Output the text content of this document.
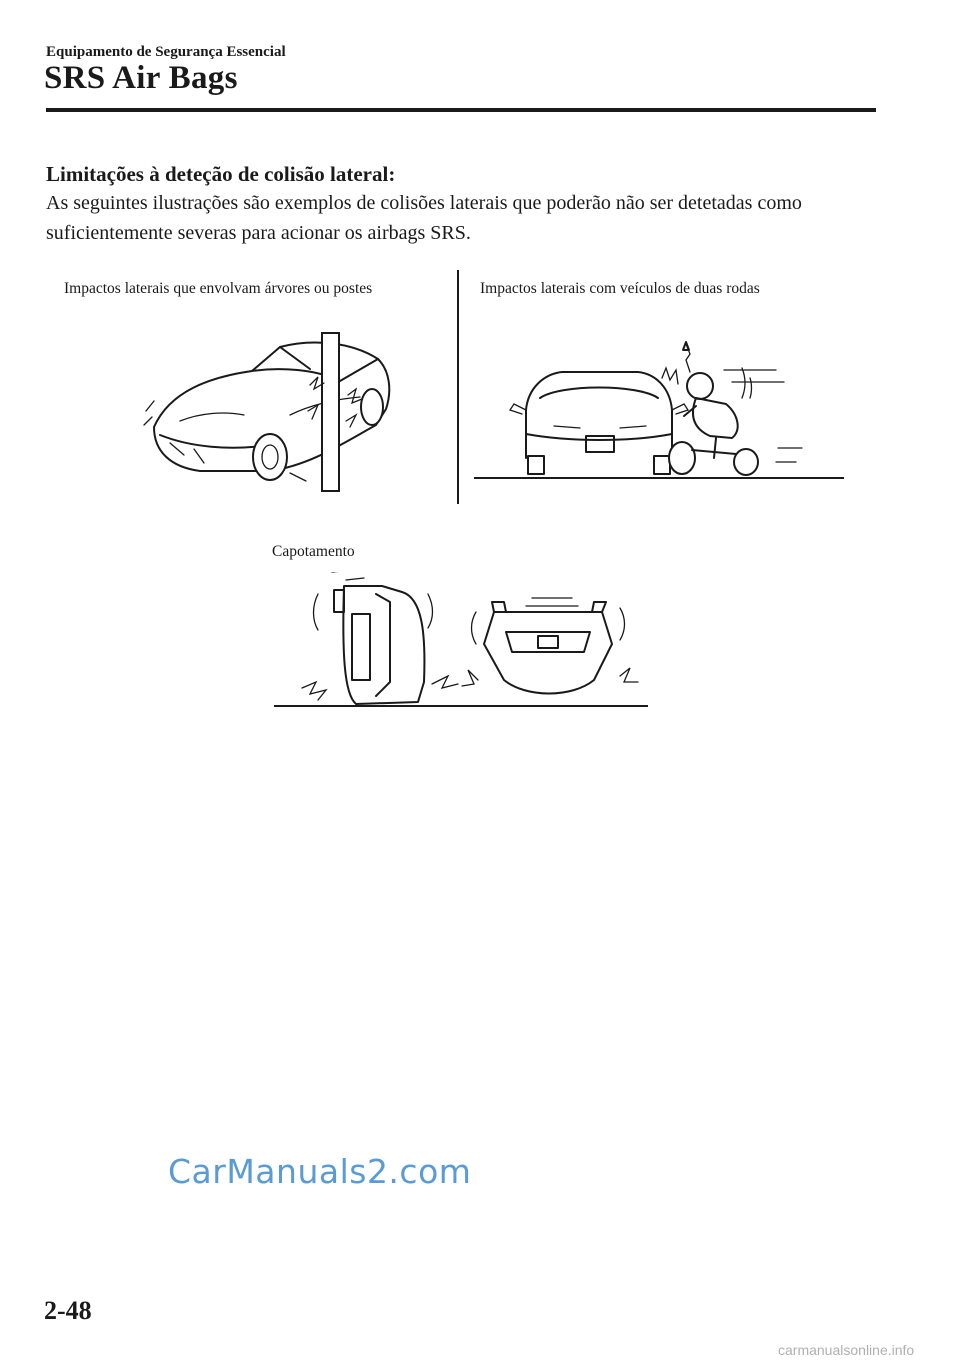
Equipamento de Segurança Essencial
SRS Air Bags
Limitações à deteção de colisão lateral:
As seguintes ilustrações são exemplos de colisões laterais que poderão não ser detetadas como suficientemente severas para acionar os airbags SRS.
Impactos laterais que envolvam árvores ou postes	Impactos laterais com veículos de duas rodas
Capotamento
CarManuals2.com
2-48
carmanualsonline.info
